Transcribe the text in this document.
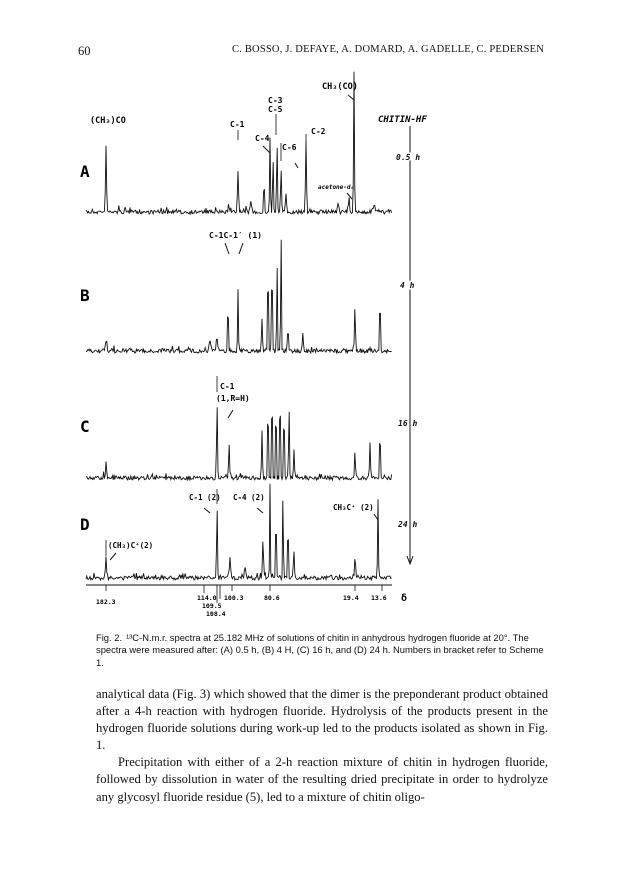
60	C. BOSSO, J. DEFAYE, A. DOMARD, A. GADELLE, C. PEDERSEN
A
B
C
D
CHITIN-HF
0.5 h
4 h
16 h
24 h
(CH₃)CO
C-3
C-5
C-1
C-4
C-6
C-2
CH₃(CO)
acetone-d₆
C-1C-1′ (1)
C-1
(1,R=H)
C-1 (2) C-4 (2)
CH₃C⁺ (2)
(CH₃)C⁺(2)
182.3	114.0
109.5
108.4
100.3	80.6	19.4 13.6 δ
Fig. 2. ¹³C-N.m.r. spectra at 25.182 MHz of solutions of chitin in anhydrous hydrogen fluoride at 20°. The spectra were measured after: (A) 0.5 h, (B) 4 H, (C) 16 h, and (D) 24 h. Numbers in bracket refer to Scheme 1.

analytical data (Fig. 3) which showed that the dimer is the preponderant product obtained after a 4-h reaction with hydrogen fluoride. Hydrolysis of the products present in the hydrogen fluoride solutions during work-up led to the products isolated as shown in Fig. 1.

Precipitation with either of a 2-h reaction mixture of chitin in hydrogen fluoride, followed by dissolution in water of the resulting dried precipitate in order to hydrolyze any glycosyl fluoride residue (5), led to a mixture of chitin oligo-
